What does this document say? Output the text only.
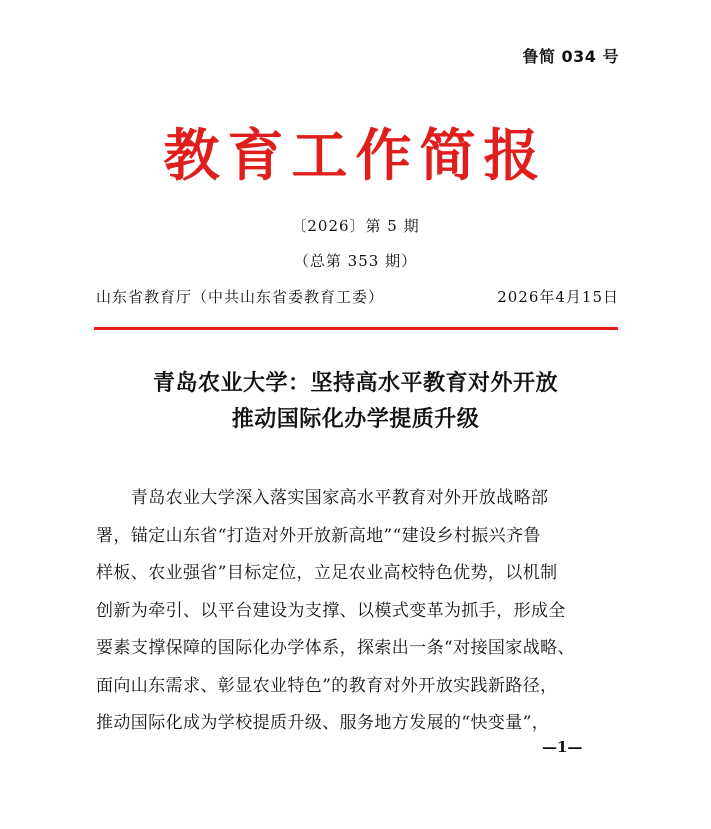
鲁简 034 号
教育工作简报
〔2026〕第 5 期
（总第 353 期）
山东省教育厅（中共山东省委教育工委）	2026年4月15日
青岛农业大学：坚持高水平教育对外开放
推动国际化办学提质升级
　　青岛农业大学深入落实国家高水平教育对外开放战略部
署，锚定山东省“打造对外开放新高地”“建设乡村振兴齐鲁
样板、农业强省”目标定位，立足农业高校特色优势，以机制
创新为牵引、以平台建设为支撑、以模式变革为抓手，形成全
要素支撑保障的国际化办学体系，探索出一条“对接国家战略、
面向山东需求、彰显农业特色”的教育对外开放实践新路径，
推动国际化成为学校提质升级、服务地方发展的“快变量”，
—1—
